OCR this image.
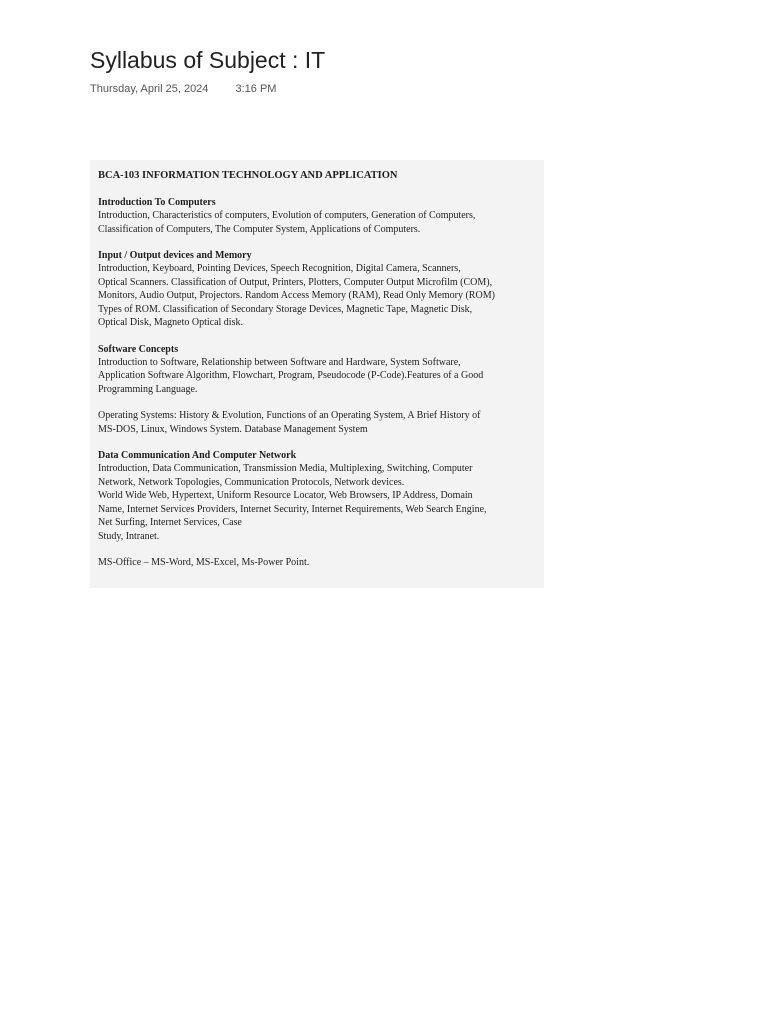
Syllabus of Subject : IT
Thursday, April 25, 2024 3:16 PM
BCA-103 INFORMATION TECHNOLOGY AND APPLICATION
Introduction To Computers
Introduction, Characteristics of computers, Evolution of computers, Generation of Computers,
Classification of Computers, The Computer System, Applications of Computers.
Input / Output devices and Memory
Introduction, Keyboard, Pointing Devices, Speech Recognition, Digital Camera, Scanners,
Optical Scanners. Classification of Output, Printers, Plotters, Computer Output Microfilm (COM),
Monitors, Audio Output, Projectors. Random Access Memory (RAM), Read Only Memory (ROM)
Types of ROM. Classification of Secondary Storage Devices, Magnetic Tape, Magnetic Disk,
Optical Disk, Magneto Optical disk.
Software Concepts
Introduction to Software, Relationship between Software and Hardware, System Software,
Application Software Algorithm, Flowchart, Program, Pseudocode (P-Code).Features of a Good
Programming Language.
Operating Systems: History & Evolution, Functions of an Operating System, A Brief History of
MS-DOS, Linux, Windows System. Database Management System
Data Communication And Computer Network
Introduction, Data Communication, Transmission Media, Multiplexing, Switching, Computer
Network, Network Topologies, Communication Protocols, Network devices.
World Wide Web, Hypertext, Uniform Resource Locator, Web Browsers, IP Address, Domain
Name, Internet Services Providers, Internet Security, Internet Requirements, Web Search Engine,
Net Surfing, Internet Services, Case
Study, Intranet.
MS-Office – MS-Word, MS-Excel, Ms-Power Point.
